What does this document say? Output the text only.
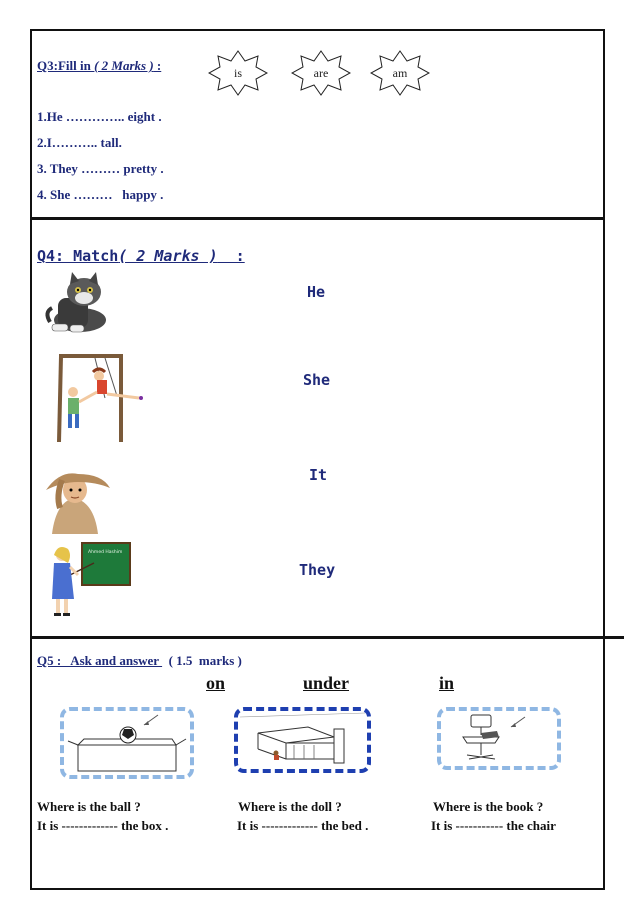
Q3:Fill in ( 2 Marks ) :	is	are	am
1.He ………….. eight .
2.I……….. tall.
3. They ……… pretty .
4. She ………   happy .
Q4: Match( 2 Marks )  :
He
She
It
Ahmed Hashim
They
Q5 :   Ask and answer   ( 1.5  marks )
on	under	in
Where is the ball ?	Where is the doll ?	Where is the book ?
It is ------------- the box .	It is ------------- the bed .	It is ----------- the chair
